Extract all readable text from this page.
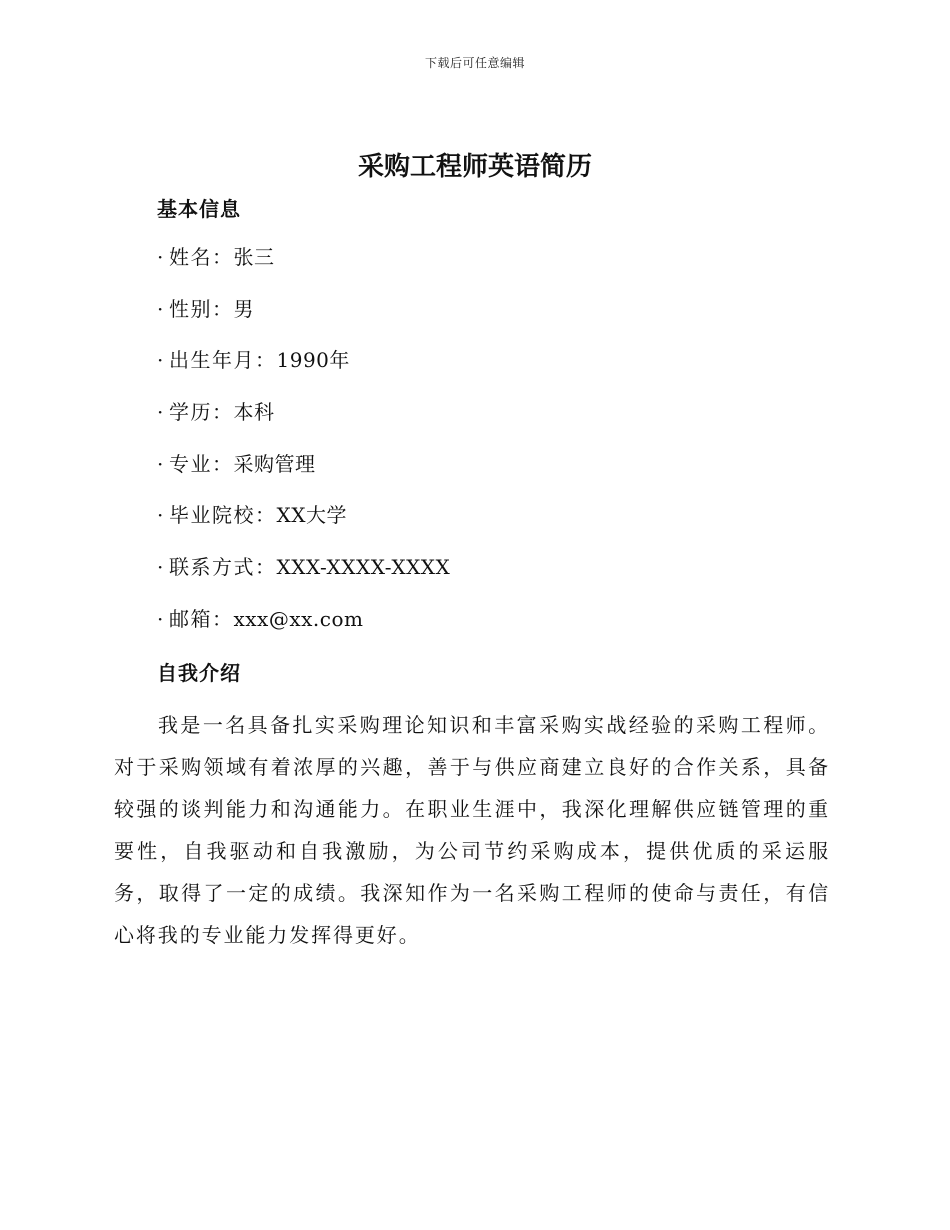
下载后可任意编辑
采购工程师英语简历
基本信息
· 姓名：张三
· 性别：男
· 出生年月：1990年
· 学历：本科
· 专业：采购管理
· 毕业院校：XX大学
· 联系方式：XXX-XXXX-XXXX
· 邮箱：xxx@xx.com
自我介绍

我是一名具备扎实采购理论知识和丰富采购实战经验的采购工程师。对于采购领域有着浓厚的兴趣，善于与供应商建立良好的合作关系，具备较强的谈判能力和沟通能力。在职业生涯中，我深化理解供应链管理的重要性，自我驱动和自我激励，为公司节约采购成本，提供优质的采运服务，取得了一定的成绩。我深知作为一名采购工程师的使命与责任，有信心将我的专业能力发挥得更好。
